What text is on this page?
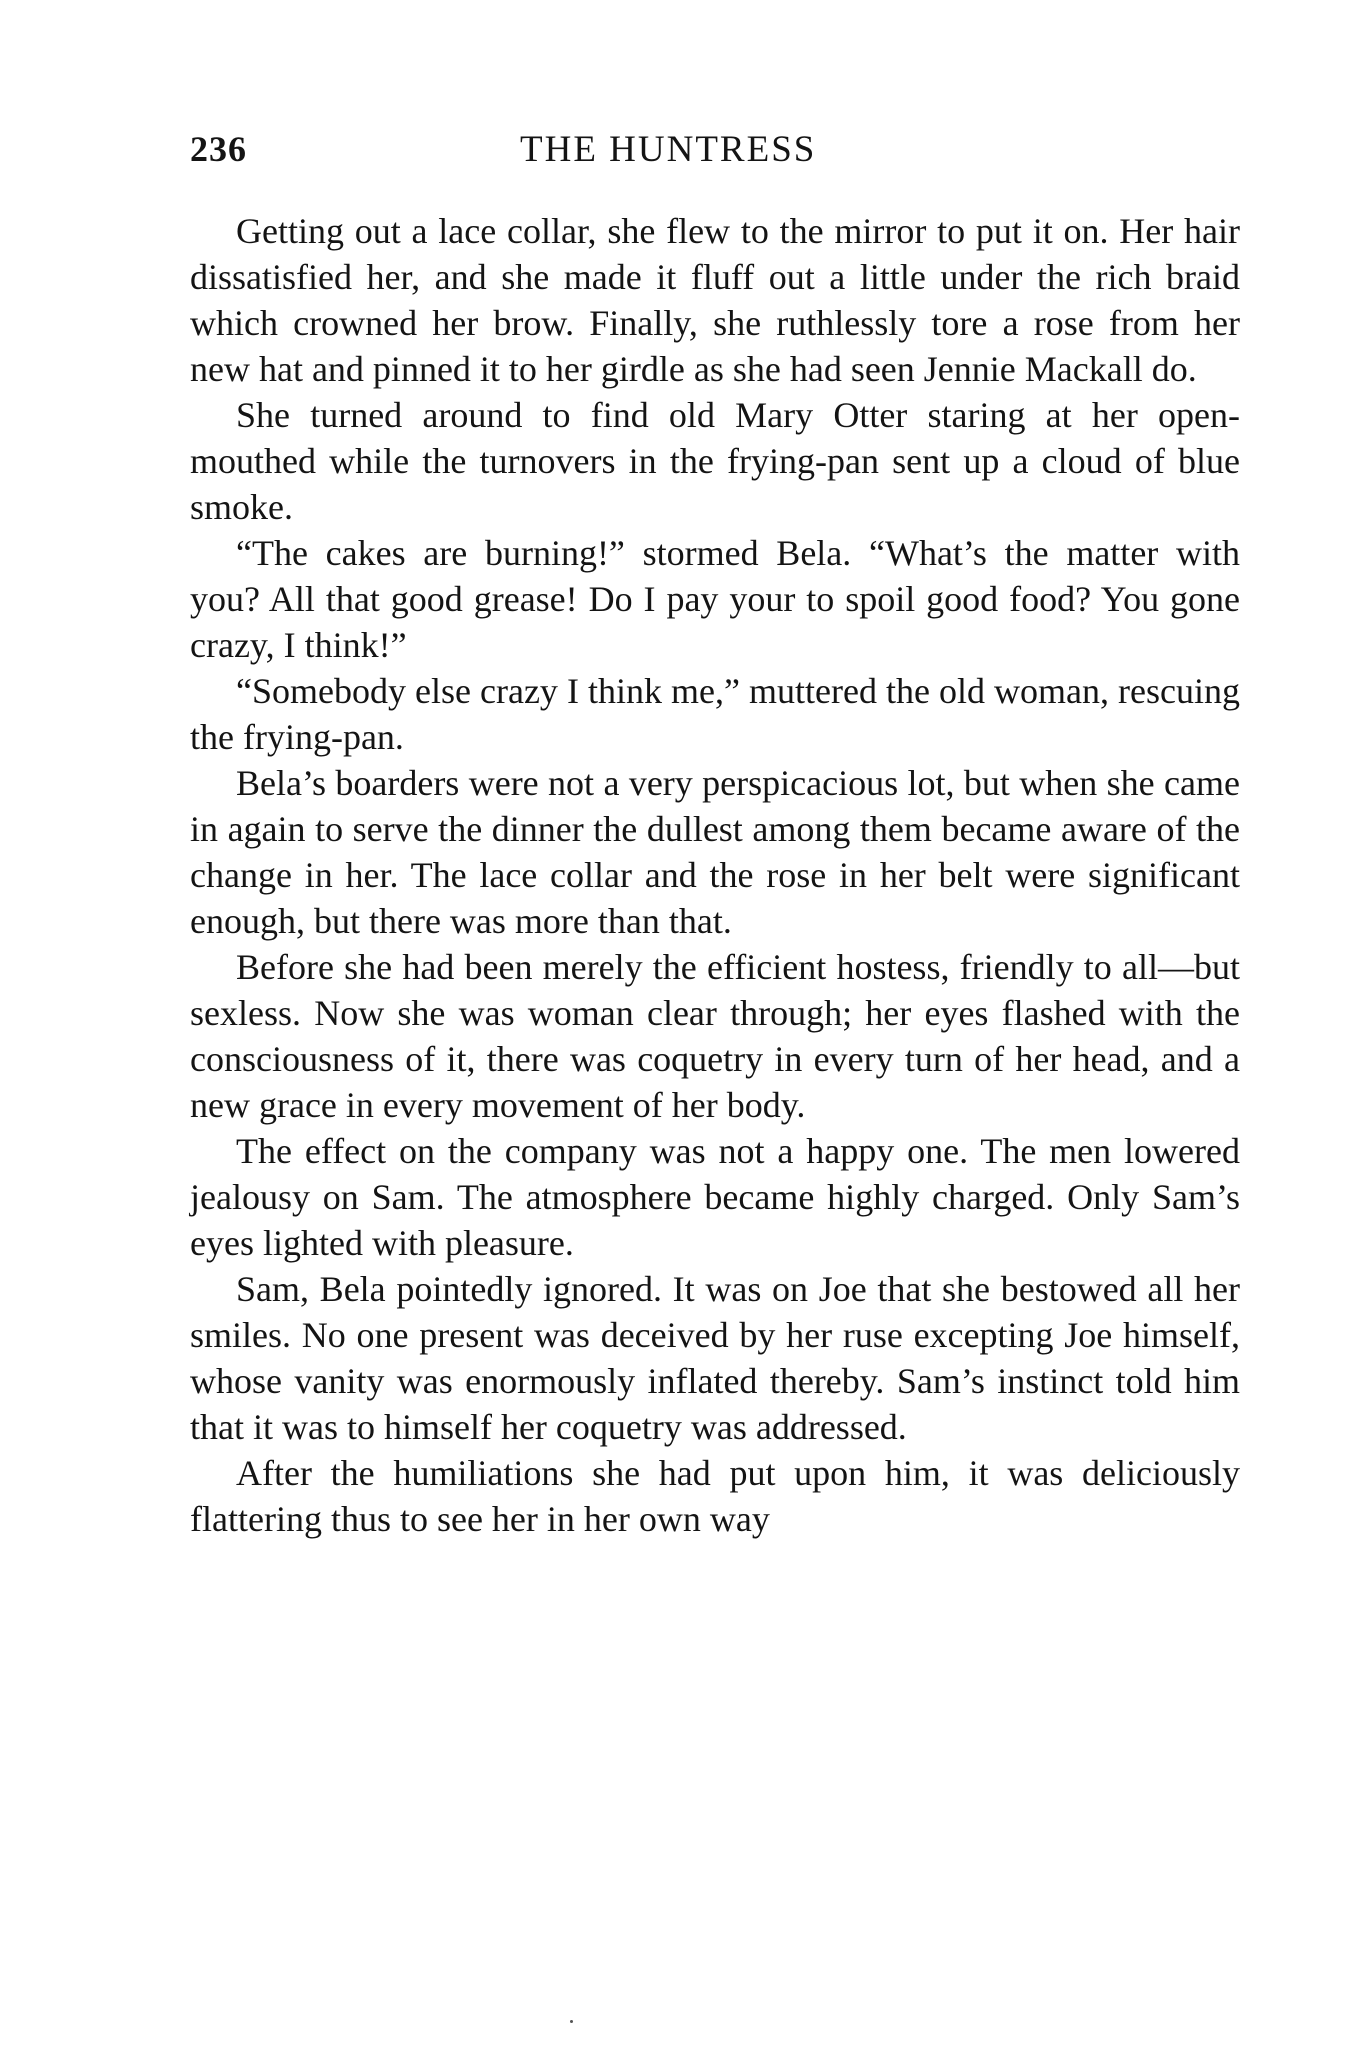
236	THE HUNTRESS

Getting out a lace collar, she flew to the mirror to put it on. Her hair dissatisfied her, and she made it fluff out a little under the rich braid which crowned her brow. Finally, she ruthlessly tore a rose from her new hat and pinned it to her girdle as she had seen Jennie Mackall do.

She turned around to find old Mary Otter staring at her open-mouthed while the turnovers in the frying-pan sent up a cloud of blue smoke.

“The cakes are burning!” stormed Bela. “What’s the matter with you? All that good grease! Do I pay your to spoil good food? You gone crazy, I think!”

“Somebody else crazy I think me,” muttered the old woman, rescuing the frying-pan.

Bela’s boarders were not a very perspicacious lot, but when she came in again to serve the dinner the dullest among them became aware of the change in her. The lace collar and the rose in her belt were significant enough, but there was more than that.

Before she had been merely the efficient hostess, friendly to all—but sexless. Now she was woman clear through; her eyes flashed with the consciousness of it, there was coquetry in every turn of her head, and a new grace in every movement of her body.

The effect on the company was not a happy one. The men lowered jealousy on Sam. The atmosphere became highly charged. Only Sam’s eyes lighted with pleasure.

Sam, Bela pointedly ignored. It was on Joe that she bestowed all her smiles. No one present was deceived by her ruse excepting Joe himself, whose vanity was enormously inflated thereby. Sam’s instinct told him that it was to himself her coquetry was addressed.

After the humiliations she had put upon him, it was deliciously flattering thus to see her in her own way
